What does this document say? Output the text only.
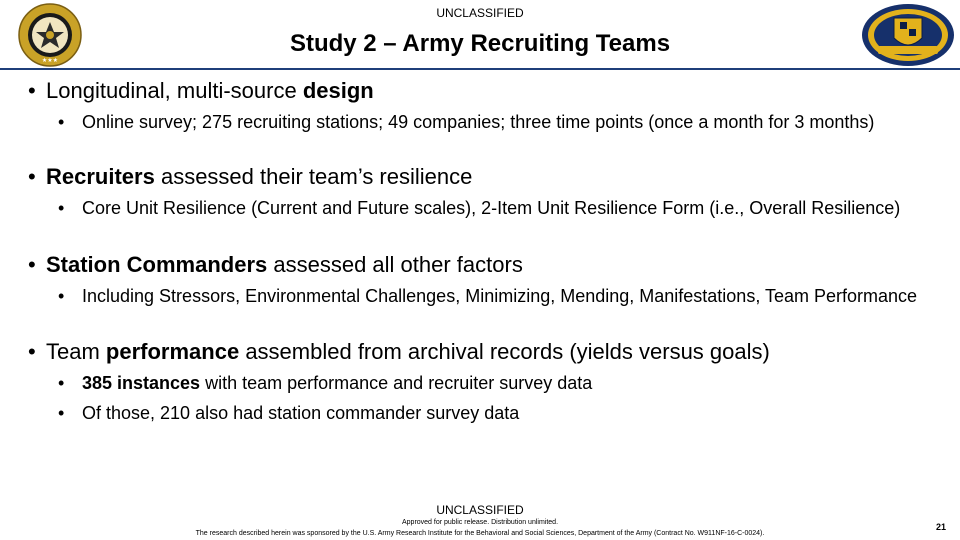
UNCLASSIFIED
★★★
Study 2 – Army Recruiting Teams
• Longitudinal, multi-source design
• Online survey; 275 recruiting stations; 49 companies; three time points (once a month for 3 months)
• Recruiters assessed their team’s resilience
• Core Unit Resilience (Current and Future scales), 2-Item Unit Resilience Form (i.e., Overall Resilience)
• Station Commanders assessed all other factors
• Including Stressors, Environmental Challenges, Minimizing, Mending, Manifestations, Team Performance
• Team performance assembled from archival records (yields versus goals)
• 385 instances with team performance and recruiter survey data
• Of those, 210 also had station commander survey data
UNCLASSIFIED
Approved for public release. Distribution unlimited.
The research described herein was sponsored by the U.S. Army Research Institute for the Behavioral and Social Sciences, Department of the Army (Contract No. W911NF-16-C-0024).
21
